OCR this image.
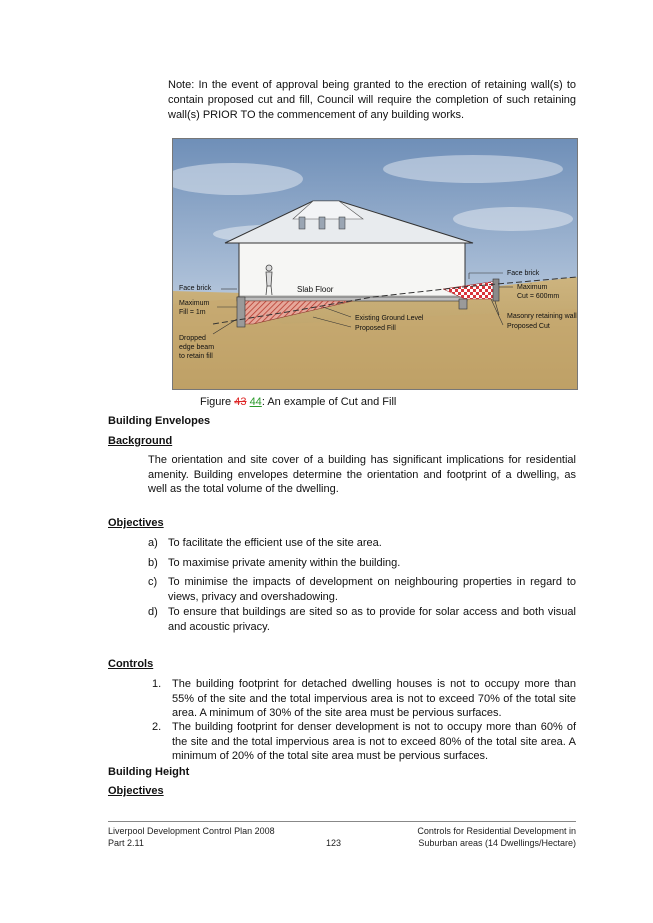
Note: In the event of approval being granted to the erection of retaining wall(s) to contain proposed cut and fill, Council will require the completion of such retaining wall(s) PRIOR TO the commencement of any building works.
Face brick
Maximum
Fill = 1m
Dropped
edge beam
to retain fill
Slab Floor
Existing Ground Level
Proposed Fill
Face brick
Maximum
Cut = 600mm
Masonry retaining wall
Proposed Cut
Figure 43 44: An example of Cut and Fill
Building Envelopes
Background
The orientation and site cover of a building has significant implications for residential amenity. Building envelopes determine the orientation and footprint of a dwelling, as well as the total volume of the dwelling.
Objectives
a) To facilitate the efficient use of the site area.
b) To maximise private amenity within the building.
c) To minimise the impacts of development on neighbouring properties in regard to views, privacy and overshadowing.
d) To ensure that buildings are sited so as to provide for solar access and both visual and acoustic privacy.
Controls
1. The building footprint for detached dwelling houses is not to occupy more than 55% of the site and the total impervious area is not to exceed 70% of the total site area. A minimum of 30% of the site area must be pervious surfaces.
2. The building footprint for denser development is not to occupy more than 60% of the site and the total impervious area is not to exceed 80% of the total site area. A minimum of 20% of the total site area must be pervious surfaces.
Building Height
Objectives
Liverpool Development Control Plan 2008
Part 2.11	123
Controls for Residential Development in
Suburban areas (14 Dwellings/Hectare)
